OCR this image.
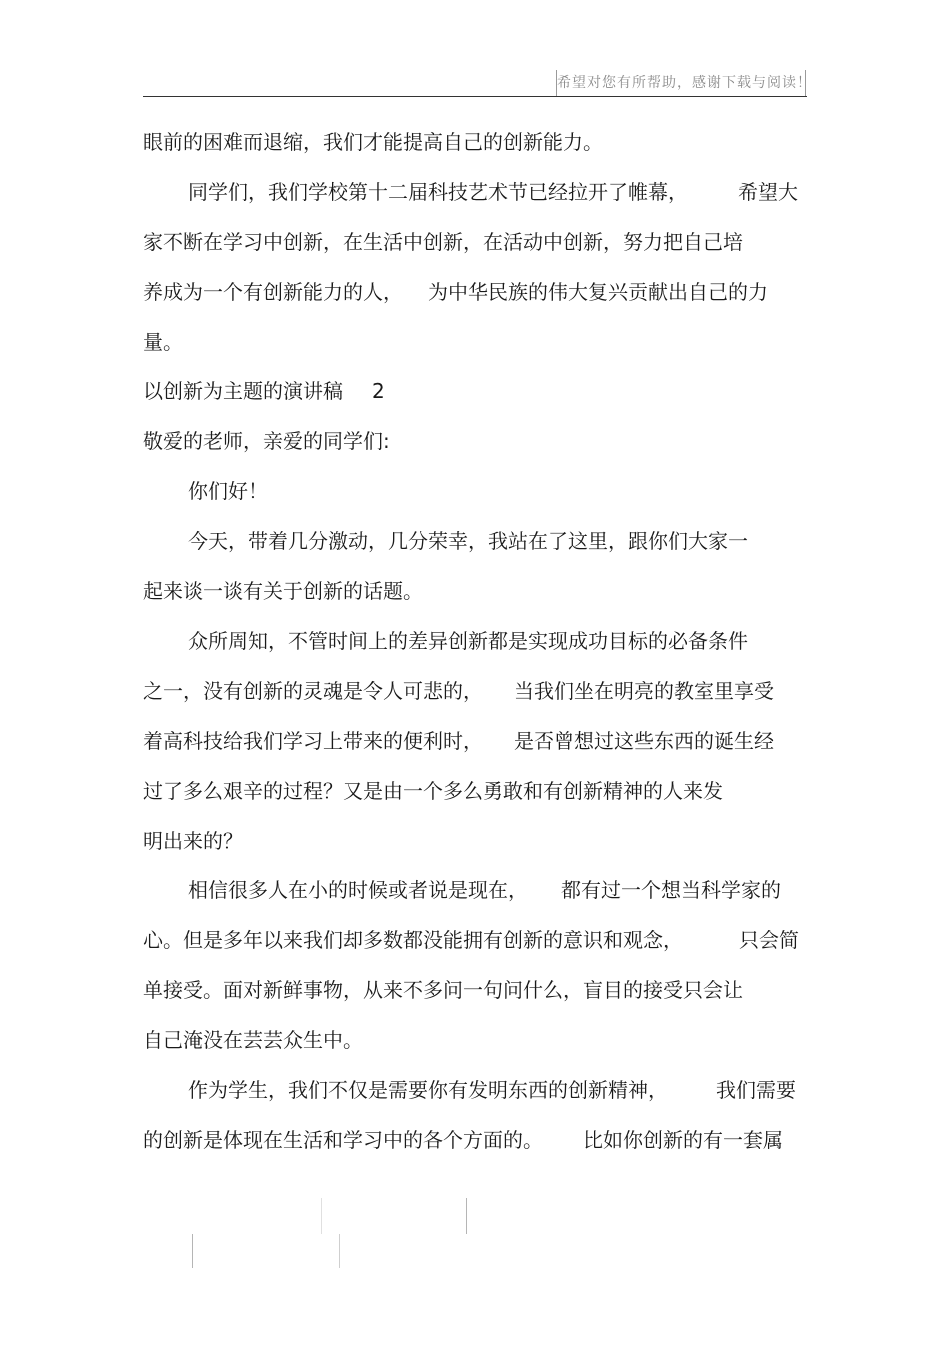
希望对您有所帮助，感谢下载与阅读！
眼前的困难而退缩，我们才能提高自己的创新能力。
同学们，我们学校第十二届科技艺术节已经拉开了帷幕，	希望大
家不断在学习中创新，在生活中创新，在活动中创新，努力把自己培
养成为一个有创新能力的人， 为中华民族的伟大复兴贡献出自己的力
量。
以创新为主题的演讲稿 2
敬爱的老师，亲爱的同学们:
你们好！
今天，带着几分激动，几分荣幸，我站在了这里，跟你们大家一
起来谈一谈有关于创新的话题。
众所周知，不管时间上的差异创新都是实现成功目标的必备条件
之一，没有创新的灵魂是令人可悲的， 当我们坐在明亮的教室里享受
着高科技给我们学习上带来的便利时， 是否曾想过这些东西的诞生经
过了多么艰辛的过程？又是由一个多么勇敢和有创新精神的人来发
明出来的？
相信很多人在小的时候或者说是现在， 都有过一个想当科学家的
心。但是多年以来我们却多数都没能拥有创新的意识和观念，	只会简
单接受。面对新鲜事物，从来不多问一句问什么，盲目的接受只会让
自己淹没在芸芸众生中。
作为学生，我们不仅是需要你有发明东西的创新精神， 我们需要
的创新是体现在生活和学习中的各个方面的。 比如你创新的有一套属
